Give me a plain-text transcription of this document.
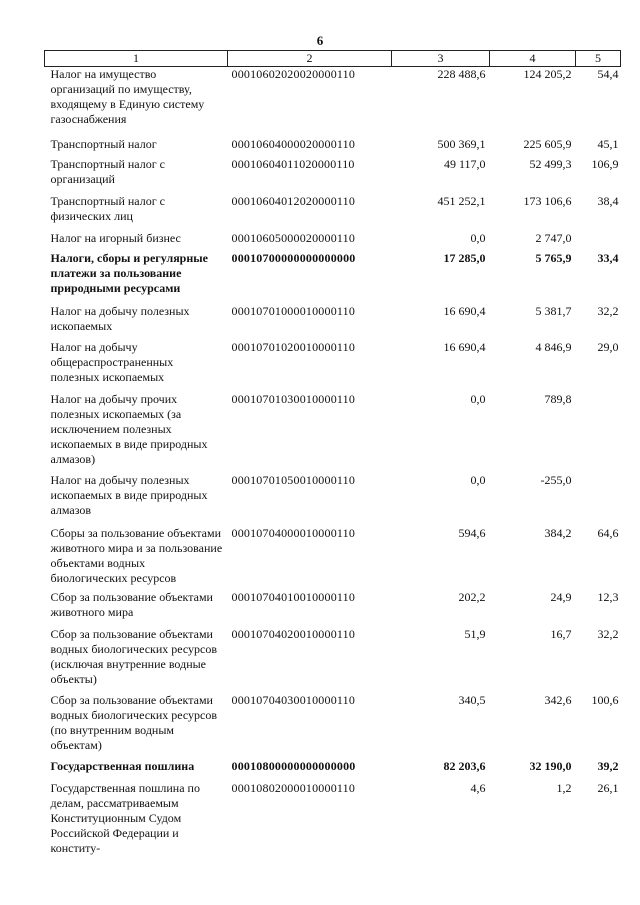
6
1	2	3	4	5
Налог на имущество организаций по имуществу, входящему в Единую систему газоснабжения	00010602020020000110	228 488,6	124 205,2	54,4
Транспортный налог	00010604000020000110	500 369,1	225 605,9	45,1
Транспортный налог с организаций	00010604011020000110	49 117,0	52 499,3	106,9
Транспортный налог с физических лиц	00010604012020000110	451 252,1	173 106,6	38,4
Налог на игорный бизнес	00010605000020000110	0,0	2 747,0	
Налоги, сборы и регулярные платежи за пользование природными ресурсами	00010700000000000000	17 285,0	5 765,9	33,4
Налог на добычу полезных ископаемых	00010701000010000110	16 690,4	5 381,7	32,2
Налог на добычу общераспространенных полезных ископаемых	00010701020010000110	16 690,4	4 846,9	29,0
Налог на добычу прочих полезных ископаемых (за исключением полезных ископаемых в виде природных алмазов)	00010701030010000110	0,0	789,8	
Налог на добычу полезных ископаемых в виде природных алмазов	00010701050010000110	0,0	-255,0	
Сборы за пользование объектами животного мира и за пользование объектами водных биологических ресурсов	00010704000010000110	594,6	384,2	64,6
Сбор за пользование объектами животного мира	00010704010010000110	202,2	24,9	12,3
Сбор за пользование объектами водных биологических ресурсов (исключая внутренние водные объекты)	00010704020010000110	51,9	16,7	32,2
Сбор за пользование объектами водных биологических ресурсов (по внутренним водным объектам)	00010704030010000110	340,5	342,6	100,6
Государственная пошлина	00010800000000000000	82 203,6	32 190,0	39,2
Государственная пошлина по делам, рассматриваемым Конституционным Судом Российской Федерации и конститу-	00010802000010000110	4,6	1,2	26,1
